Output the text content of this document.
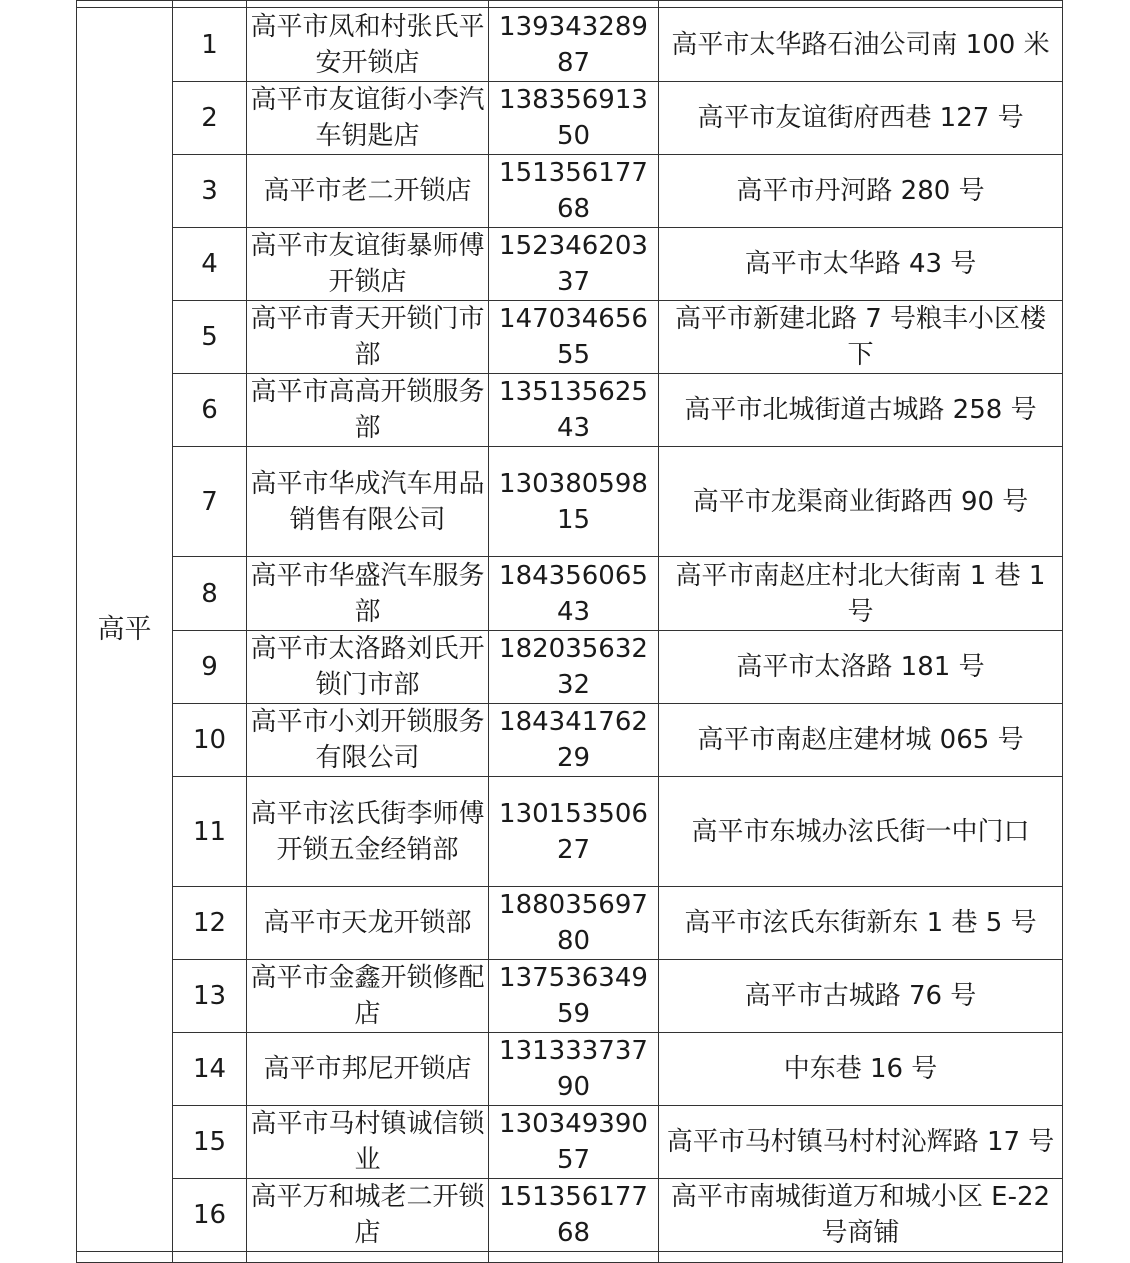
高平	1	高平市凤和村张氏平安开锁店	13934328987	高平市太华路石油公司南 100 米
	2	高平市友谊街小李汽车钥匙店	13835691350	高平市友谊街府西巷 127 号
	3	高平市老二开锁店	15135617768	高平市丹河路 280 号
	4	高平市友谊街暴师傅开锁店	15234620337	高平市太华路 43 号
	5	高平市青天开锁门市部	14703465655	高平市新建北路 7 号粮丰小区楼下
	6	高平市高高开锁服务部	13513562543	高平市北城街道古城路 258 号
	7	高平市华成汽车用品销售有限公司	13038059815	高平市龙渠商业街路西 90 号
	8	高平市华盛汽车服务部	18435606543	高平市南赵庄村北大街南 1 巷 1 号
	9	高平市太洛路刘氏开锁门市部	18203563232	高平市太洛路 181 号
	10	高平市小刘开锁服务有限公司	18434176229	高平市南赵庄建材城 065 号
	11	高平市泫氏街李师傅开锁五金经销部	13015350627	高平市东城办泫氏街一中门口
	12	高平市天龙开锁部	18803569780	高平市泫氏东街新东 1 巷 5 号
	13	高平市金鑫开锁修配店	13753634959	高平市古城路 76 号
	14	高平市邦尼开锁店	13133373790	中东巷 16 号
	15	高平市马村镇诚信锁业	13034939057	高平市马村镇马村村沁辉路 17 号
	16	高平万和城老二开锁店	15135617768	高平市南城街道万和城小区 E-22 号商铺
